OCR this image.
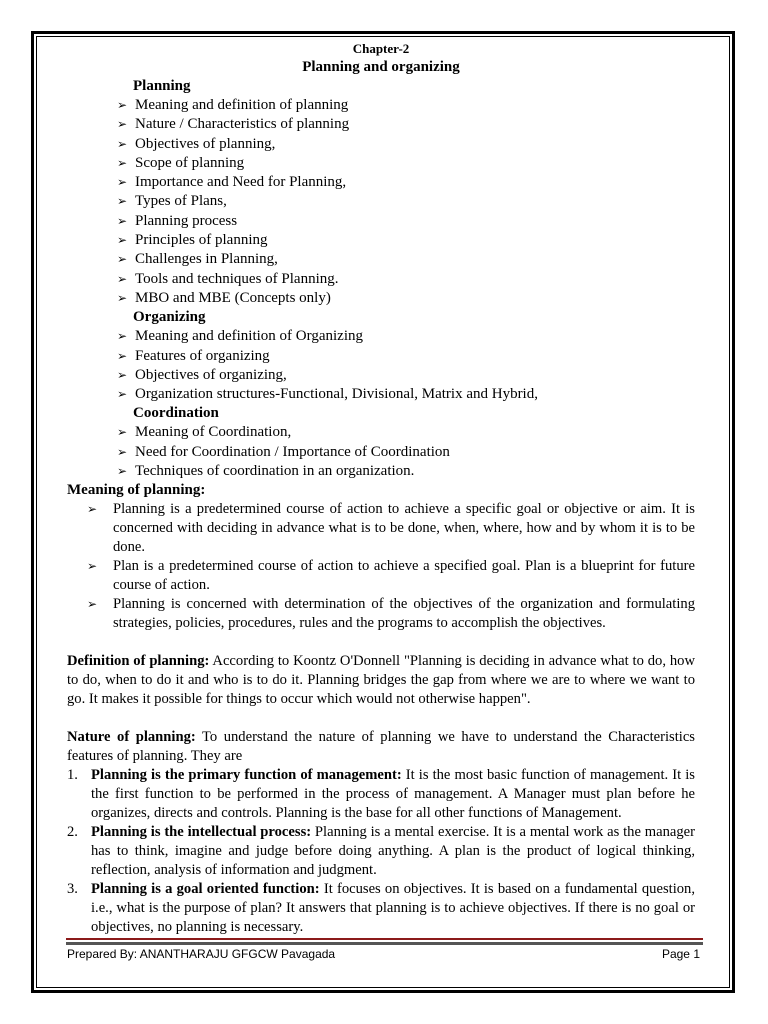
Chapter-2
Planning and organizing
Planning
➢ Meaning and definition of planning
➢ Nature / Characteristics of planning
➢ Objectives of planning,
➢ Scope of planning
➢ Importance and Need for Planning,
➢ Types of Plans,
➢ Planning process
➢ Principles of planning
➢ Challenges in Planning,
➢ Tools and techniques of Planning.
➢ MBO and MBE (Concepts only)
Organizing
➢ Meaning and definition of Organizing
➢ Features of organizing
➢ Objectives of organizing,
➢ Organization structures-Functional, Divisional, Matrix and Hybrid,
Coordination
➢ Meaning of Coordination,
➢ Need for Coordination / Importance of Coordination
➢ Techniques of coordination in an organization.
Meaning of planning:
➢ Planning is a predetermined course of action to achieve a specific goal or objective or aim. It is concerned with deciding in advance what is to be done, when, where, how and by whom it is to be done.
➢ Plan is a predetermined course of action to achieve a specified goal. Plan is a blueprint for future course of action.
➢ Planning is concerned with determination of the objectives of the organization and formulating strategies, policies, procedures, rules and the programs to accomplish the objectives.

Definition of planning: According to Koontz O'Donnell "Planning is deciding in advance what to do, how to do, when to do it and who is to do it. Planning bridges the gap from where we are to where we want to go. It makes it possible for things to occur which would not otherwise happen".

Nature of planning: To understand the nature of planning we have to understand the Characteristics features of planning. They are

1. Planning is the primary function of management: It is the most basic function of management. It is the first function to be performed in the process of management. A Manager must plan before he organizes, directs and controls. Planning is the base for all other functions of Management.
2. Planning is the intellectual process: Planning is a mental exercise. It is a mental work as the manager has to think, imagine and judge before doing anything. A plan is the product of logical thinking, reflection, analysis of information and judgment.
3. Planning is a goal oriented function: It focuses on objectives. It is based on a fundamental question, i.e., what is the purpose of plan? It answers that planning is to achieve objectives. If there is no goal or objectives, no planning is necessary.
Prepared By: ANANTHARAJU GFGCW Pavagada	Page 1
